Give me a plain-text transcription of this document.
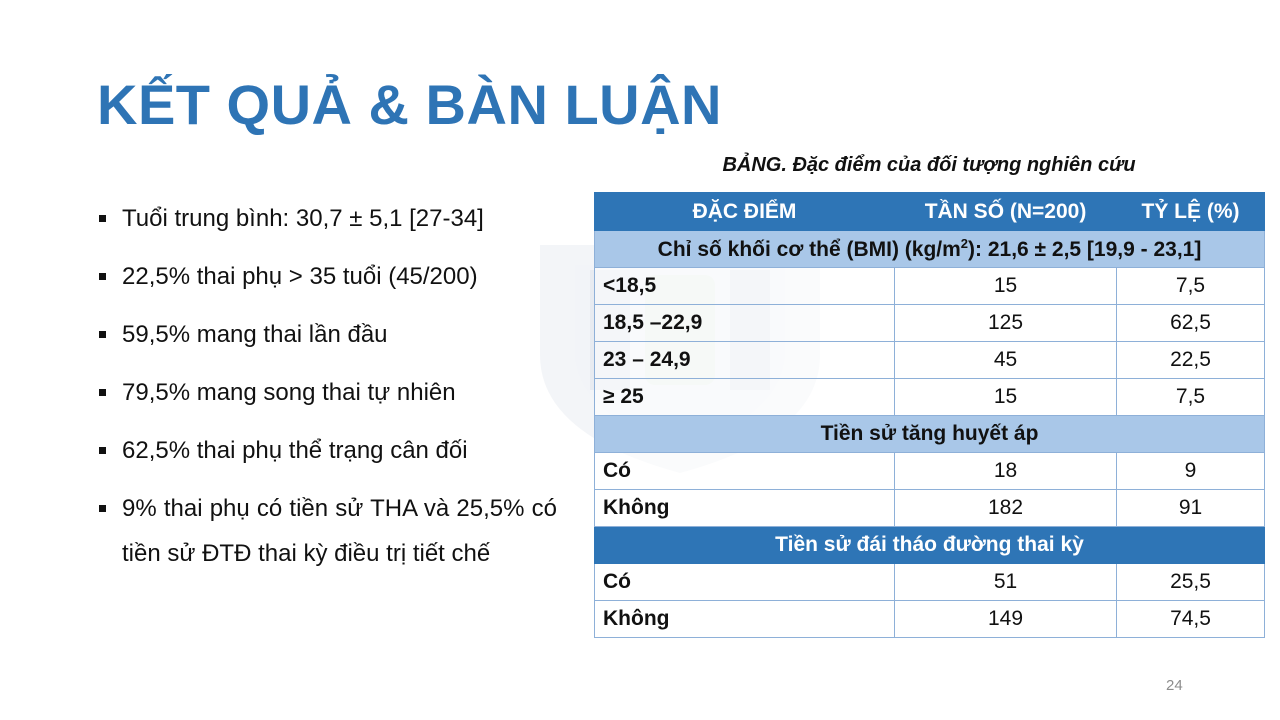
KẾT QUẢ & BÀN LUẬN
BẢNG. Đặc điểm của đối tượng nghiên cứu
Tuổi trung bình: 30,7 ± 5,1 [27-34]
22,5% thai phụ > 35 tuổi (45/200)
59,5% mang thai lần đầu
79,5% mang song thai tự nhiên
62,5% thai phụ thể trạng cân đối
9% thai phụ có tiền sử THA và 25,5% có tiền sử ĐTĐ thai kỳ điều trị tiết chế
ĐẶC ĐIỂM	TẦN SỐ (N=200)	TỶ LỆ (%)
Chỉ số khối cơ thể (BMI) $(kg/m^2)$: 21,6 ± 2,5 [19,9 - 23,1]		
<18,5	15	7,5
18,5 –22,9	125	62,5
23 – 24,9	45	22,5
≥ 25	15	7,5
Tiền sử tăng huyết áp		
Có	18	9
Không	182	91
Tiền sử đái tháo đường thai kỳ		
Có	51	25,5
Không	149	74,5
24
